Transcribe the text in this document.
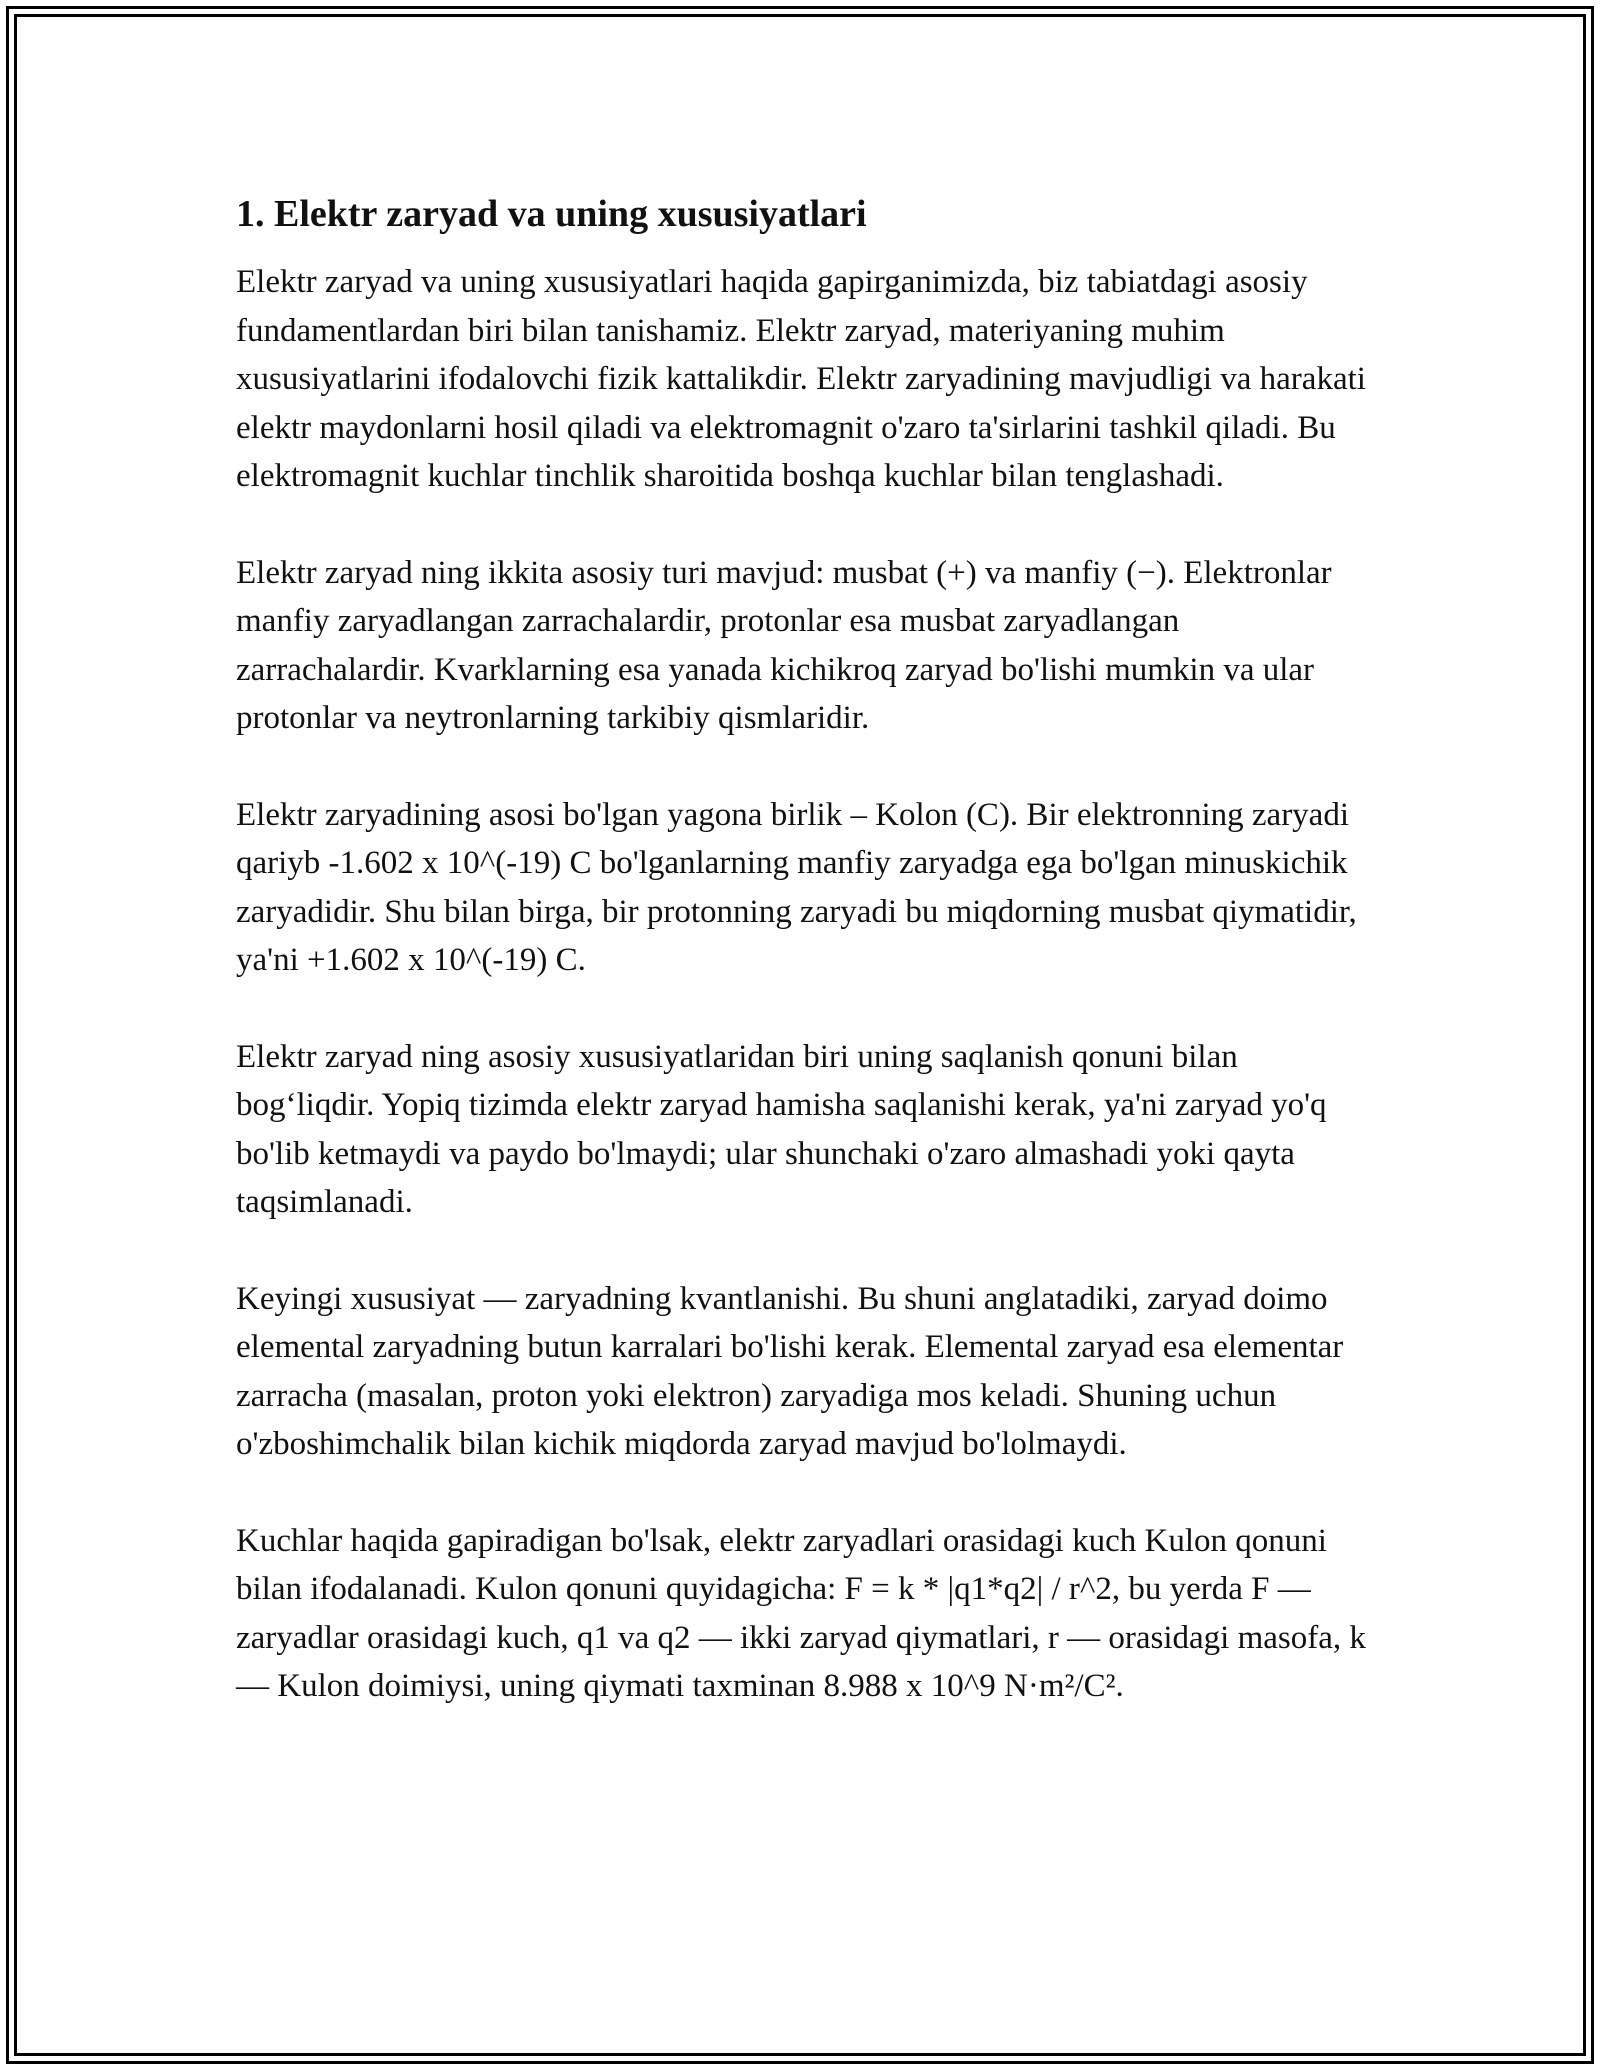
1. Elektr zaryad va uning xususiyatlari

Elektr zaryad va uning xususiyatlari haqida gapirganimizda, biz tabiatdagi asosiy fundamentlardan biri bilan tanishamiz. Elektr zaryad, materiyaning muhim xususiyatlarini ifodalovchi fizik kattalikdir. Elektr zaryadining mavjudligi va harakati elektr maydonlarni hosil qiladi va elektromagnit o'zaro ta'sirlarini tashkil qiladi. Bu elektromagnit kuchlar tinchlik sharoitida boshqa kuchlar bilan tenglashadi.

Elektr zaryad ning ikkita asosiy turi mavjud: musbat (+) va manfiy (−). Elektronlar manfiy zaryadlangan zarrachalardir, protonlar esa musbat zaryadlangan zarrachalardir. Kvarklarning esa yanada kichikroq zaryad bo'lishi mumkin va ular protonlar va neytronlarning tarkibiy qismlaridir.

Elektr zaryadining asosi bo'lgan yagona birlik – Kolon (C). Bir elektronning zaryadi qariyb -1.602 x 10^(-19) C bo'lganlarning manfiy zaryadga ega bo'lgan minuskichik zaryadidir. Shu bilan birga, bir protonning zaryadi bu miqdorning musbat qiymatidir, ya'ni +1.602 x 10^(-19) C.

Elektr zaryad ning asosiy xususiyatlaridan biri uning saqlanish qonuni bilan bog‘liqdir. Yopiq tizimda elektr zaryad hamisha saqlanishi kerak, ya'ni zaryad yo'q bo'lib ketmaydi va paydo bo'lmaydi; ular shunchaki o'zaro almashadi yoki qayta taqsimlanadi.

Keyingi xususiyat — zaryadning kvantlanishi. Bu shuni anglatadiki, zaryad doimo elemental zaryadning butun karralari bo'lishi kerak. Elemental zaryad esa elementar zarracha (masalan, proton yoki elektron) zaryadiga mos keladi. Shuning uchun o'zboshimchalik bilan kichik miqdorda zaryad mavjud bo'lolmaydi.

Kuchlar haqida gapiradigan bo'lsak, elektr zaryadlari orasidagi kuch Kulon qonuni bilan ifodalanadi. Kulon qonuni quyidagicha: F = k * |q1*q2| / r^2, bu yerda F — zaryadlar orasidagi kuch, q1 va q2 — ikki zaryad qiymatlari, r — orasidagi masofa, k — Kulon doimiysi, uning qiymati taxminan 8.988 x 10^9 N·m²/C².
